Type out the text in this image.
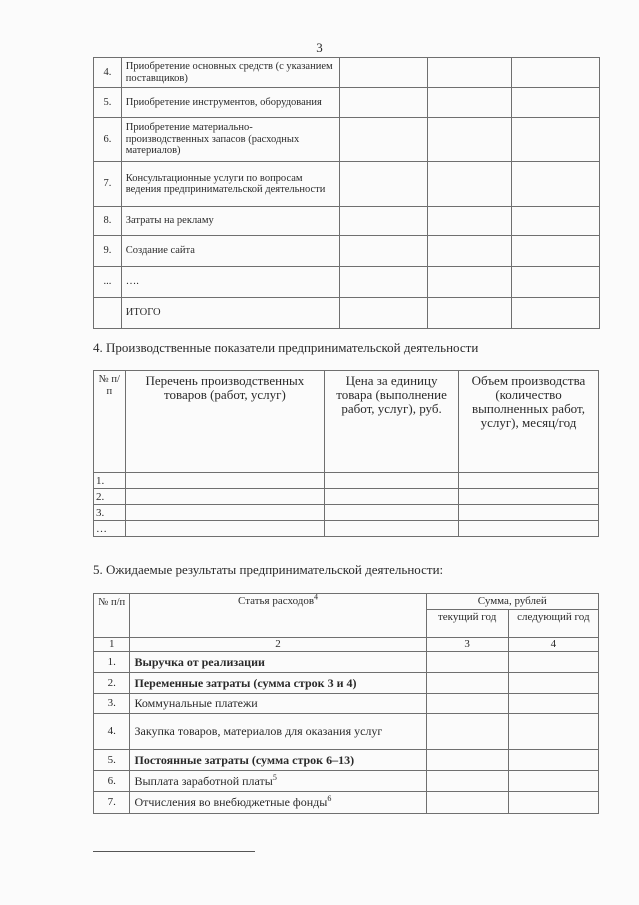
3
4.	Приобретение основных средств (с указанием поставщиков)			
5.	Приобретение инструментов, оборудования			
6.	Приобретение материально-производственных запасов (расходных материалов)			
7.	Консультационные услуги по вопросам ведения предпринимательской деятельности			
8.	Затраты на рекламу			
9.	Создание сайта			
...	….			
	ИТОГО			
4. Производственные показатели предпринимательской деятельности
№ п/п	Перечень производственных товаров (работ, услуг)	Цена за единицу товара (выполнение работ, услуг), руб.	Объем производства (количество выполненных работ, услуг), месяц/год
1.			
2.			
3.			
…			
5. Ожидаемые результаты предпринимательской деятельности:
№ п/п	Статья расходов$^4$	Сумма, рублей	
		текущий год	следующий год
1	2	3	4
1.	Выручка от реализации		
2.	Переменные затраты (сумма строк 3 и 4)		
3.	Коммунальные платежи		
4.	Закупка товаров, материалов для оказания услуг		
5.	Постоянные затраты (сумма строк 6–13)		
6.	Выплата заработной платы$^5$		
7.	Отчисления во внебюджетные фонды$^6$		
